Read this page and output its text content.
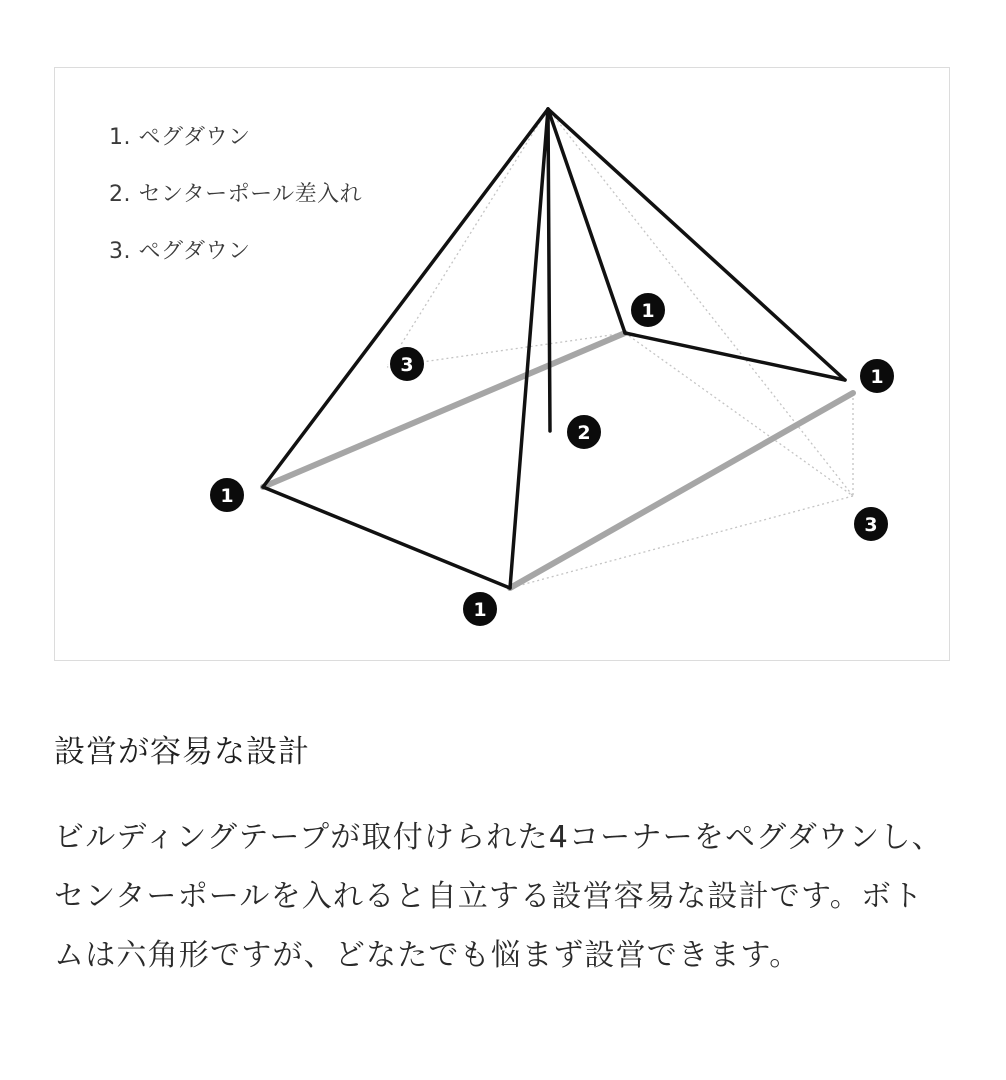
1
1
1
1
2
3
3
1. ペグダウン
2. センターポール差入れ
3. ペグダウン
設営が容易な設計

ビルディングテープが取付けられた4コーナーをペグダウンし、センターポールを入れると自立する設営容易な設計です。ボトムは六角形ですが、どなたでも悩まず設営できます。
